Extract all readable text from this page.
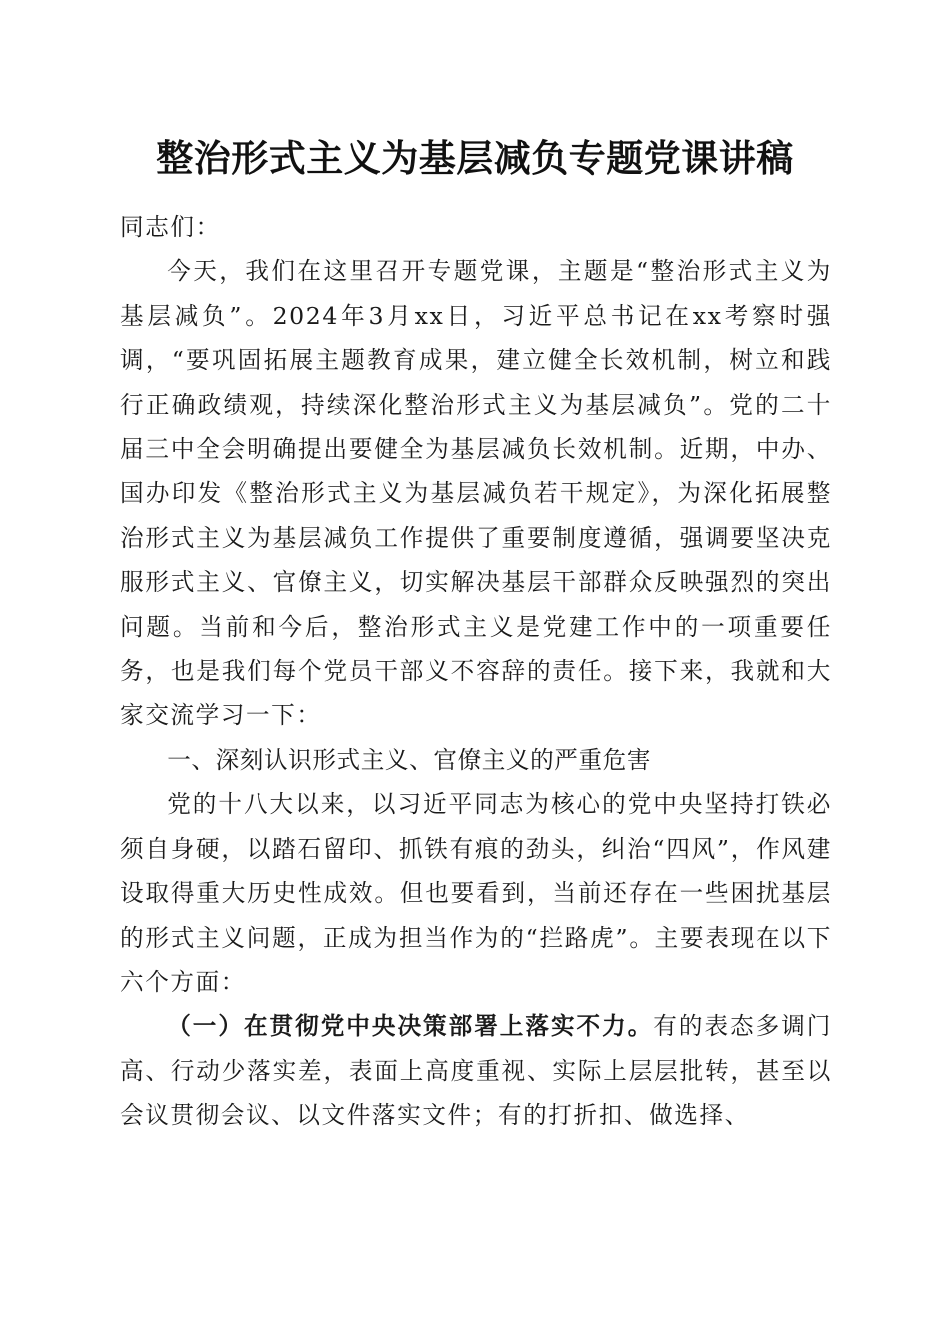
整治形式主义为基层减负专题党课讲稿

同志们：

今天，我们在这里召开专题党课，主题是“整治形式主义为基层减负”。2024年3月xx日，习近平总书记在xx考察时强调，“要巩固拓展主题教育成果，建立健全长效机制，树立和践行正确政绩观，持续深化整治形式主义为基层减负”。党的二十届三中全会明确提出要健全为基层减负长效机制。近期，中办、国办印发《整治形式主义为基层减负若干规定》，为深化拓展整治形式主义为基层减负工作提供了重要制度遵循，强调要坚决克服形式主义、官僚主义，切实解决基层干部群众反映强烈的突出问题。当前和今后，整治形式主义是党建工作中的一项重要任务，也是我们每个党员干部义不容辞的责任。接下来，我就和大家交流学习一下：

一、深刻认识形式主义、官僚主义的严重危害

党的十八大以来，以习近平同志为核心的党中央坚持打铁必须自身硬，以踏石留印、抓铁有痕的劲头，纠治“四风”，作风建设取得重大历史性成效。但也要看到，当前还存在一些困扰基层的形式主义问题，正成为担当作为的“拦路虎”。主要表现在以下六个方面：

（一）在贯彻党中央决策部署上落实不力。有的表态多调门高、行动少落实差，表面上高度重视、实际上层层批转，甚至以会议贯彻会议、以文件落实文件；有的打折扣、做选择、
